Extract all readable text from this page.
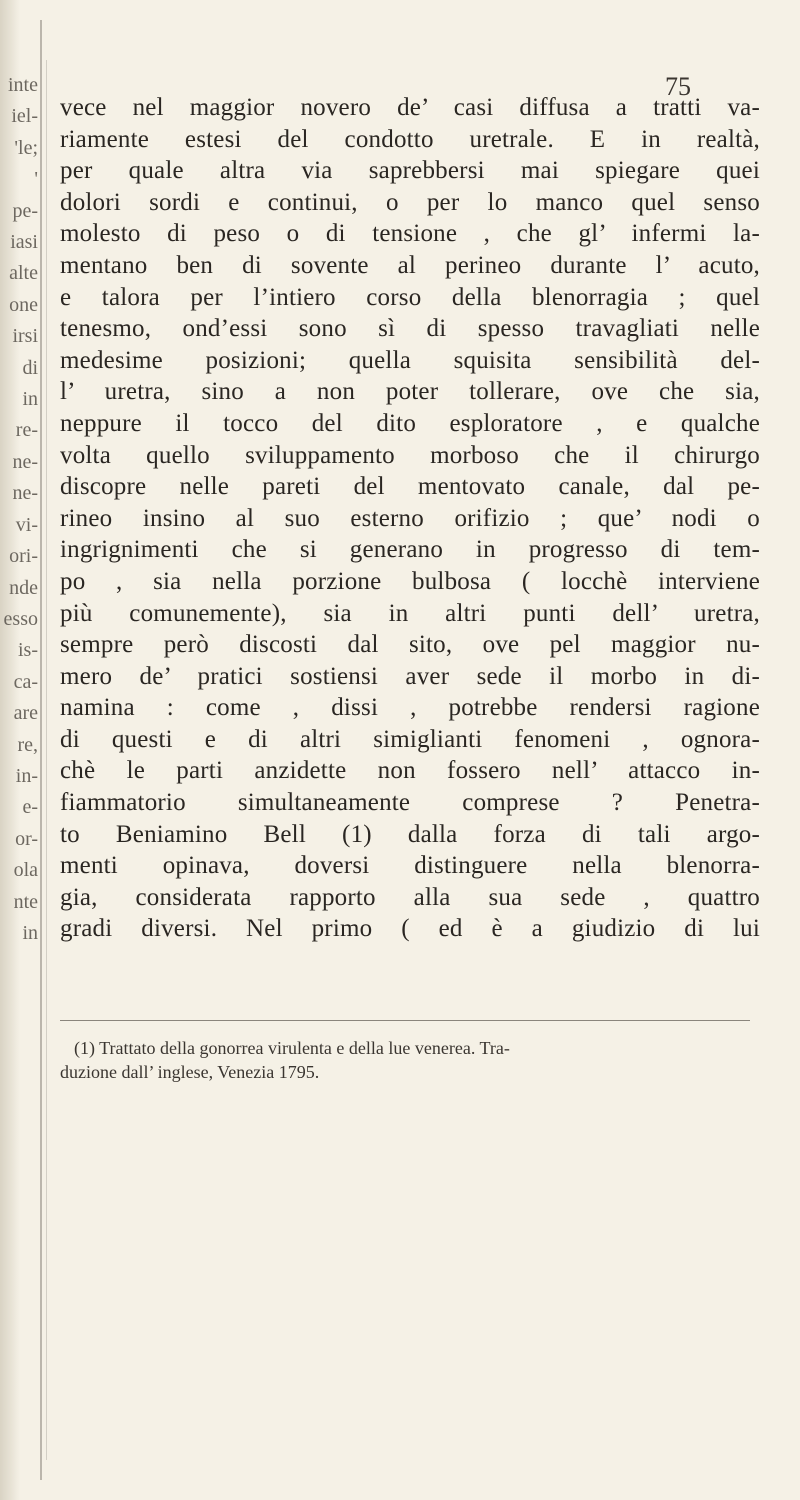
inte
iel-
'le;
'
pe-
iasi
alte
one
irsi
di
in
re-
ne-
ne-
vi-
ori-
nde
esso
is-
ca-
are
re,
in-
e-
or-
ola
nte
in
75
vece nel maggior novero de’ casi diffusa a tratti va-
riamente estesi del condotto uretrale. E in realtà,
per quale altra via saprebbersi mai spiegare quei
dolori sordi e continui, o per lo manco quel senso
molesto di peso o di tensione , che gl’ infermi la-
mentano ben di sovente al perineo durante l’ acuto,
e talora per l’intiero corso della blenorragia ; quel
tenesmo, ond’essi sono sì di spesso travagliati nelle
medesime posizioni; quella squisita sensibilità del-
l’ uretra, sino a non poter tollerare, ove che sia,
neppure il tocco del dito esploratore , e qualche
volta quello sviluppamento morboso che il chirurgo
discopre nelle pareti del mentovato canale, dal pe-
rineo insino al suo esterno orifizio ; que’ nodi o
ingrignimenti che si generano in progresso di tem-
po , sia nella porzione bulbosa ( locchè interviene
più comunemente), sia in altri punti dell’ uretra,
sempre però discosti dal sito, ove pel maggior nu-
mero de’ pratici sostiensi aver sede il morbo in di-
namina : come , dissi , potrebbe rendersi ragione
di questi e di altri simiglianti fenomeni , ognora-
chè le parti anzidette non fossero nell’ attacco in-
fiammatorio simultaneamente comprese ? Penetra-
to Beniamino Bell (1) dalla forza di tali argo-
menti opinava, doversi distinguere nella blenorra-
gia, considerata rapporto alla sua sede , quattro
gradi diversi. Nel primo ( ed è a giudizio di lui
(1) Trattato della gonorrea virulenta e della lue venerea. Tra-
duzione dall’ inglese, Venezia 1795.
